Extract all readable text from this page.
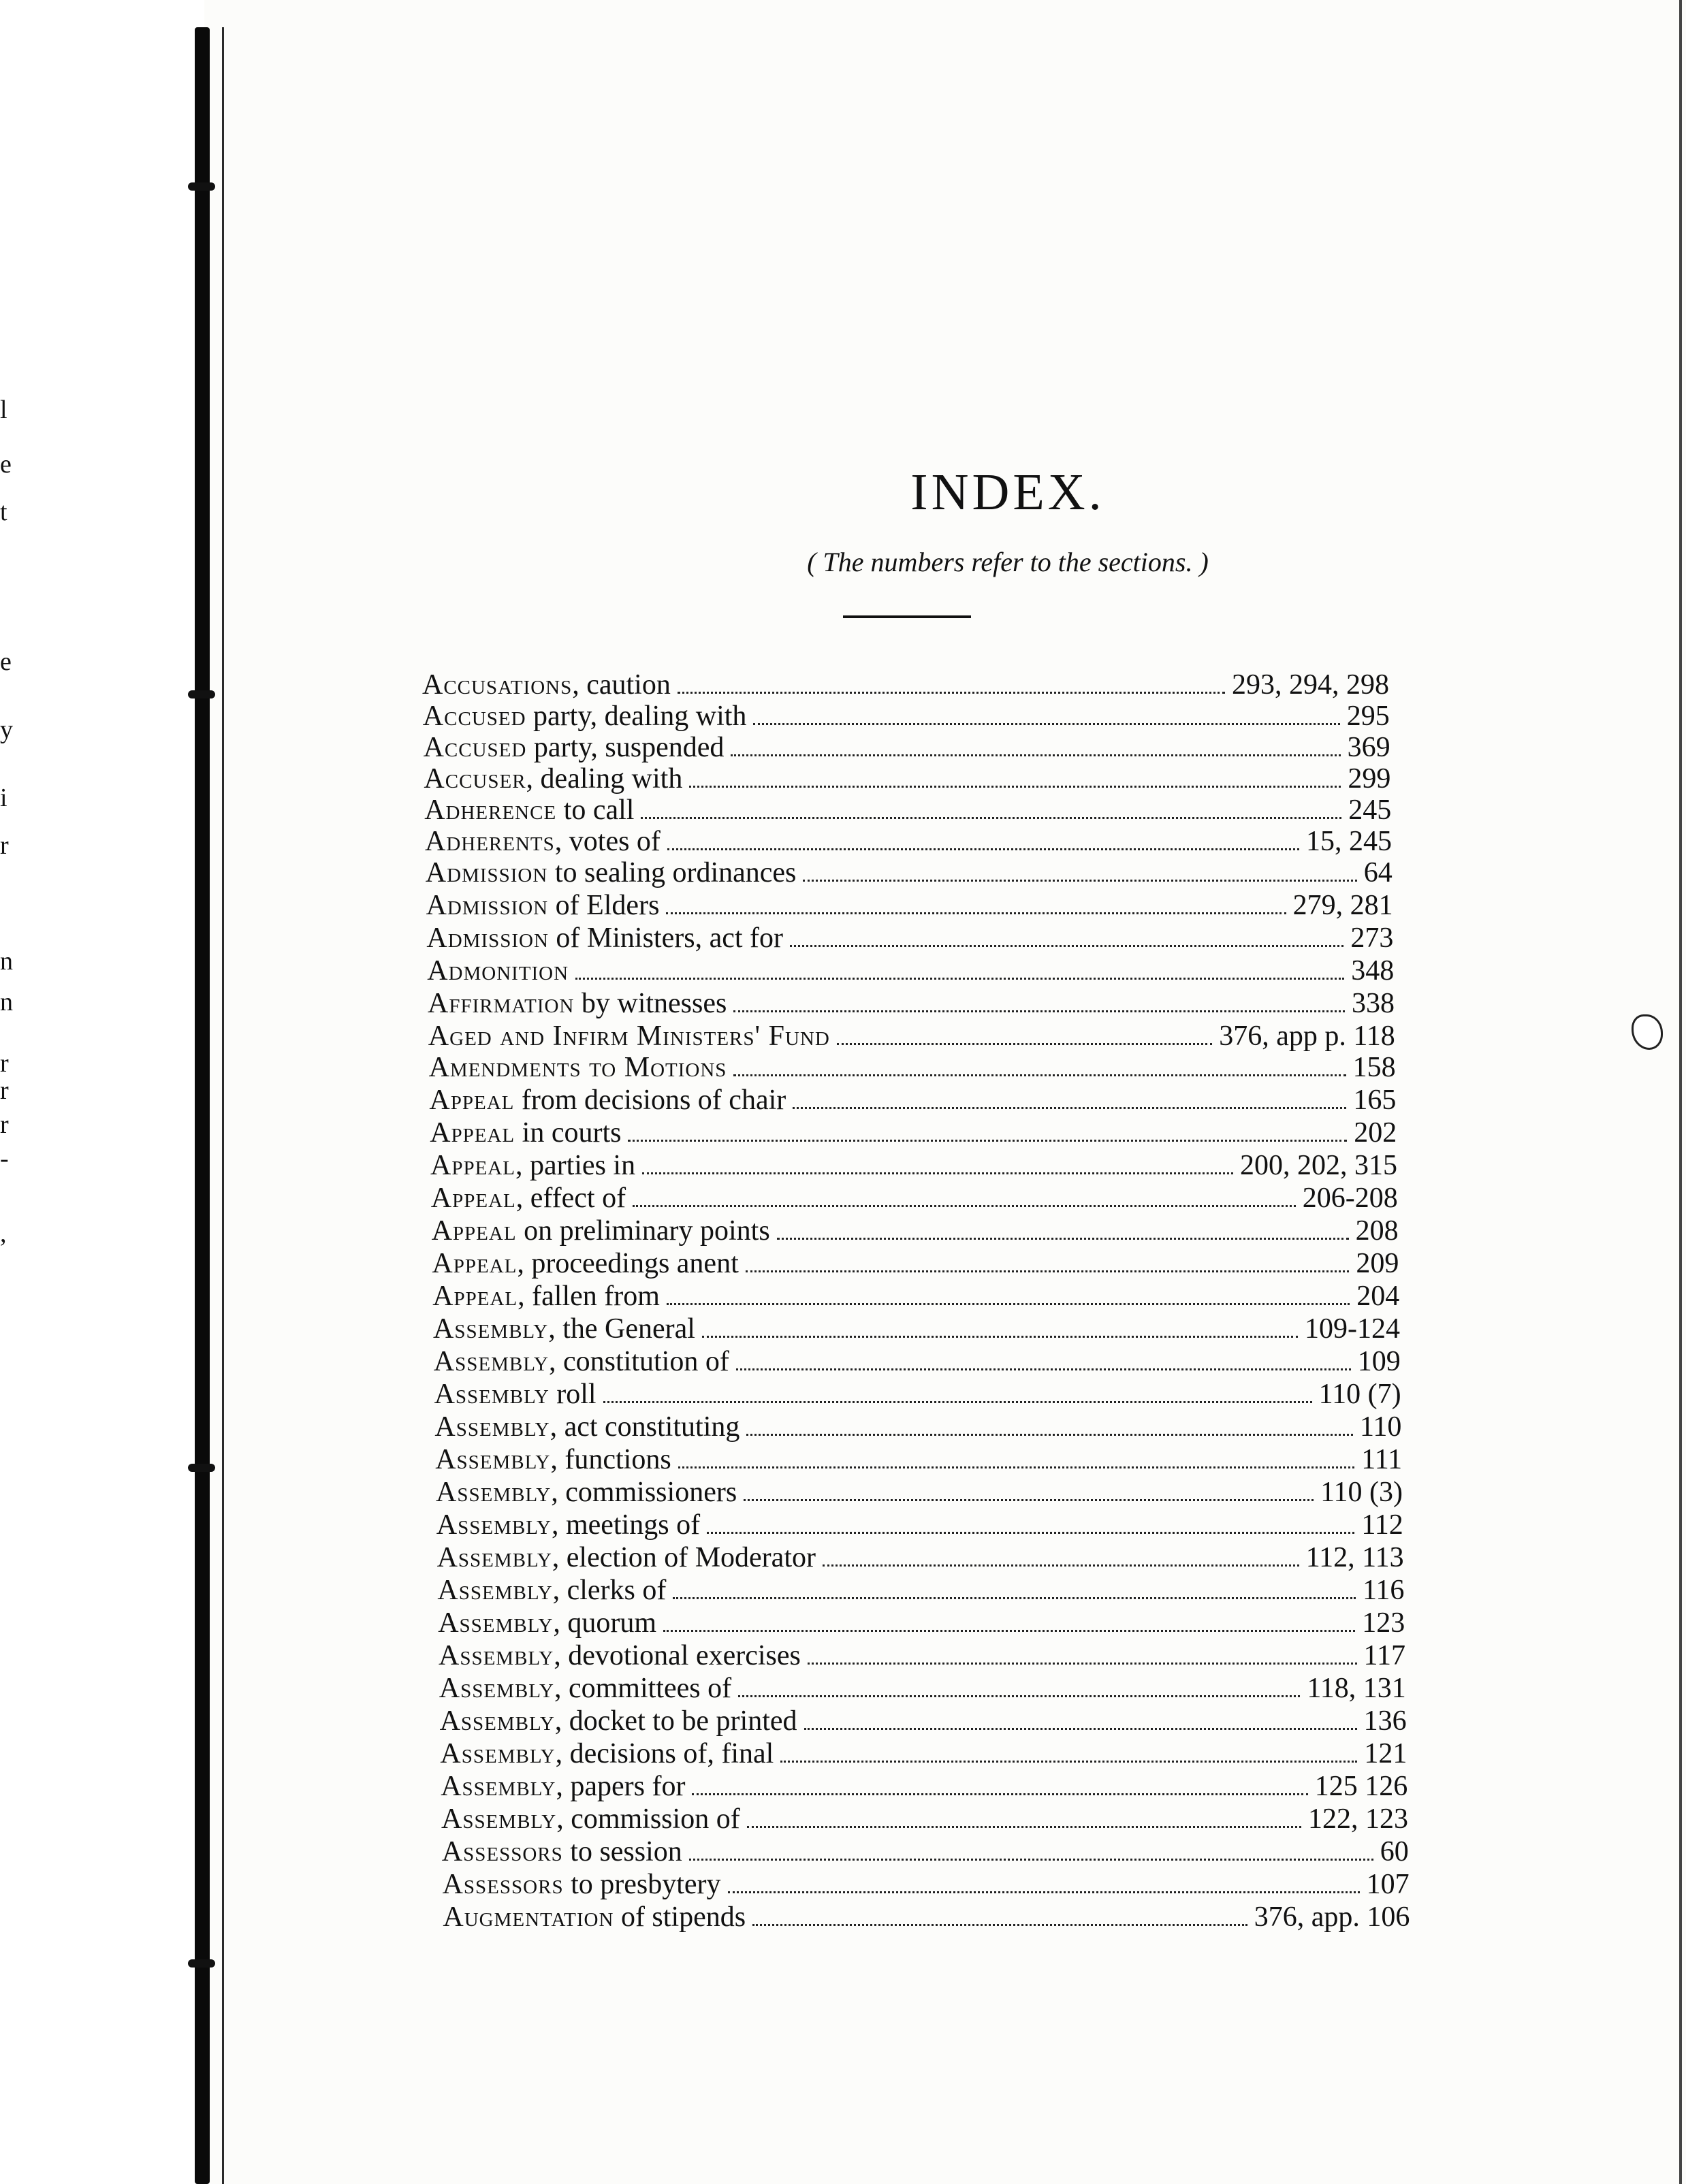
l
e
t
e
y
i
r
n
n
r
r
r
-
,
INDEX.
( The numbers refer to the sections. )
Accusations, caution	293, 294, 298
Accused party, dealing with	295
Accused party, suspended	369
Accuser, dealing with	299
Adherence to call	245
Adherents, votes of	15, 245
Admission to sealing ordinances	64
Admission of Elders	279, 281
Admission of Ministers, act for	273
Admonition	348
Affirmation by witnesses	338
Aged and Infirm Ministers' Fund	376, app p. 118
Amendments to Motions	158
Appeal from decisions of chair	165
Appeal in courts	202
Appeal, parties in	200, 202, 315
Appeal, effect of	206-208
Appeal on preliminary points	208
Appeal, proceedings anent	209
Appeal, fallen from	204
Assembly, the General	109-124
Assembly, constitution of	109
Assembly roll	110 (7)
Assembly, act constituting	110
Assembly, functions	111
Assembly, commissioners	110 (3)
Assembly, meetings of	112
Assembly, election of Moderator	112, 113
Assembly, clerks of	116
Assembly, quorum	123
Assembly, devotional exercises	117
Assembly, committees of	118, 131
Assembly, docket to be printed	136
Assembly, decisions of, final	121
Assembly, papers for	125 126
Assembly, commission of	122, 123
Assessors to session	60
Assessors to presbytery	107
Augmentation of stipends	376, app. 106
